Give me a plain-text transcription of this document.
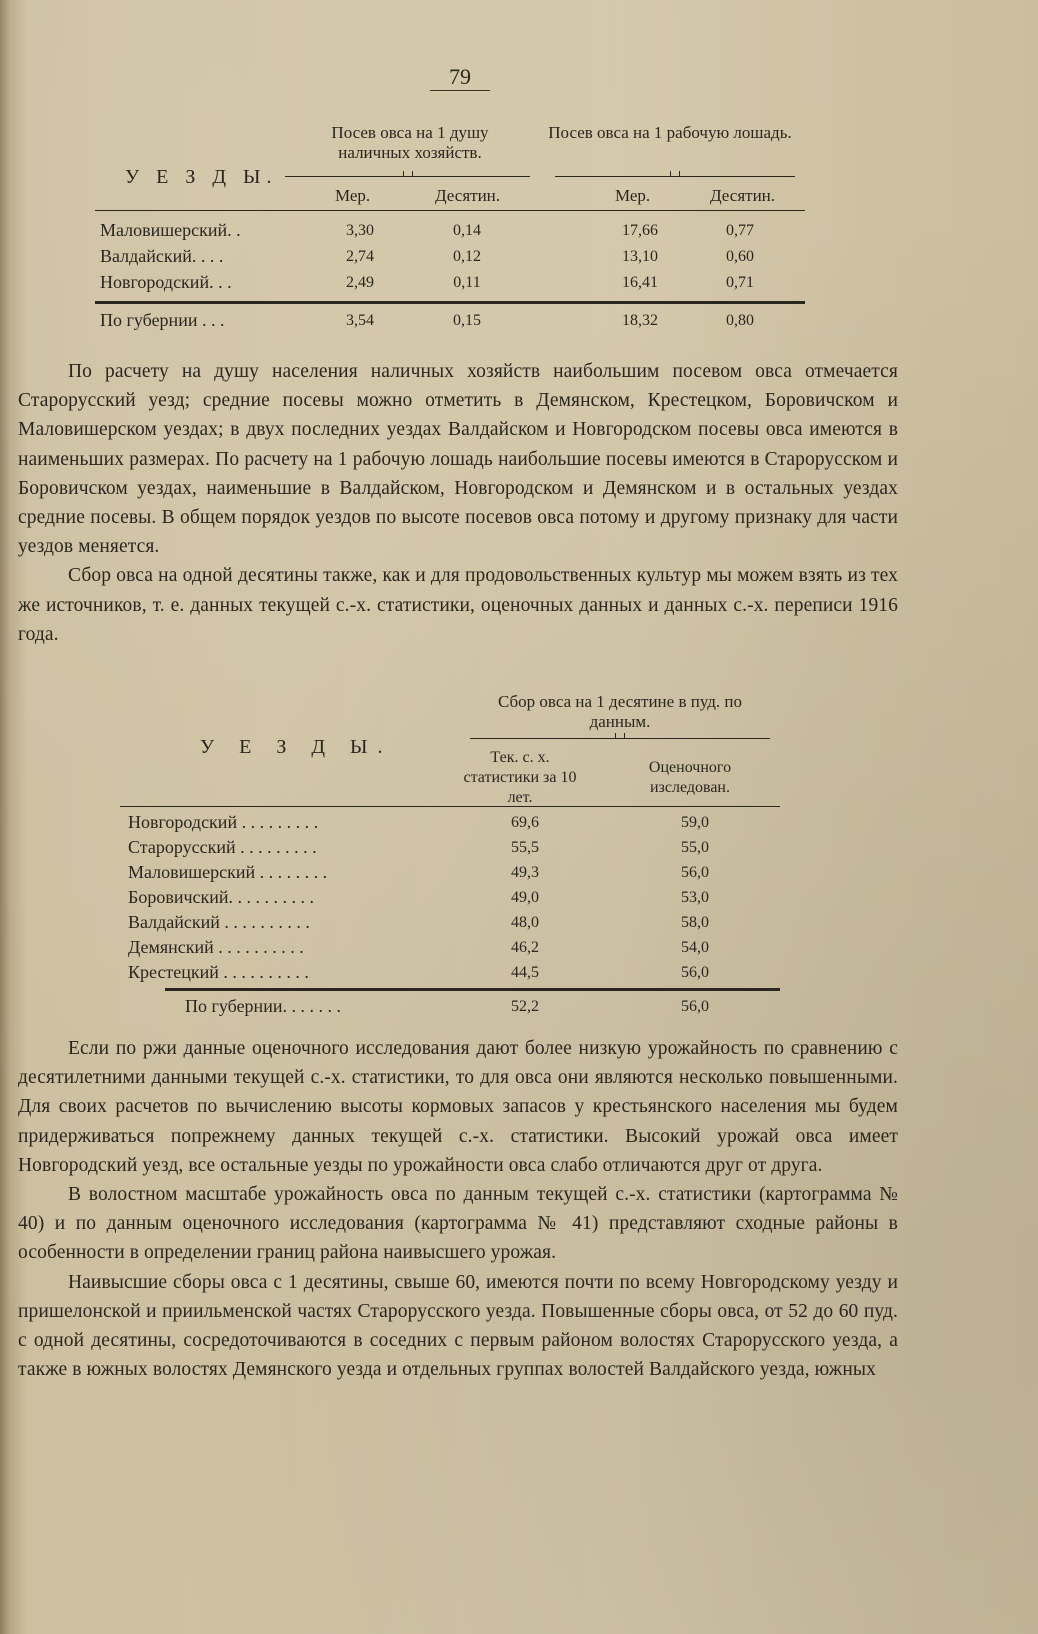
79
У Е З Д Ы.
Посев овса на 1 душу наличных хозяйств.
Посев овса на 1 рабочую лошадь.
Мер.	Десятин.	Мер.	Десятин.
Маловишерский. .	3,30	0,14	17,66	0,77
Валдайский. . . .	2,74	0,12	13,10	0,60
Новгородский. . .	2,49	0,11	16,41	0,71
По губернии . . .	3,54	0,15	18,32	0,80

По расчету на душу населения наличных хозяйств наибольшим посевом овса отмечается Старорусский уезд; средние посевы можно отметить в Демянском, Крестецком, Боровичском и Маловишерском уездах; в двух последних уездах Валдайском и Новгородском посевы овса имеются в наименьших размерах. По расчету на 1 рабочую лошадь наибольшие посевы имеются в Старорусском и Боровичском уездах, наименьшие в Валдайском, Новгородском и Демянском и в остальных уездах средние посевы. В общем порядок уездов по высоте посевов овса потому и другому признаку для части уездов меняется.

Сбор овса на одной десятины также, как и для продовольственных культур мы можем взять из тех же источников, т. е. данных текущей с.-х. статистики, оценочных данных и данных с.-х. переписи 1916 года.

У Е З Д Ы.
Сбор овса на 1 десятине в пуд. по данным.
Тек. с. х. статистики за 10 лет.
Оценочного изследован.
Новгородский . . . . . . . . .	69,6	59,0
Старорусский . . . . . . . . .	55,5	55,0
Маловишерский . . . . . . . .	49,3	56,0
Боровичский. . . . . . . . . .	49,0	53,0
Валдайский . . . . . . . . . .	48,0	58,0
Демянский . . . . . . . . . .	46,2	54,0
Крестецкий . . . . . . . . . .	44,5	56,0
По губернии. . . . . . .	52,2	56,0

Если по ржи данные оценочного исследования дают более низкую урожайность по сравнению с десятилетними данными текущей с.-х. статистики, то для овса они являются несколько повышенными. Для своих расчетов по вычислению высоты кормовых запасов у крестьянского населения мы будем придерживаться попрежнему данных текущей с.-х. статистики. Высокий урожай овса имеет Новгородский уезд, все остальные уезды по урожайности овса слабо отличаются друг от друга.

В волостном масштабе урожайность овса по данным текущей с.-х. статистики (картограмма № 40) и по данным оценочного исследования (картограмма № 41) представляют сходные районы в особенности в определении границ района наивысшего урожая.

Наивысшие сборы овса с 1 десятины, свыше 60, имеются почти по всему Новгородскому уезду и пришелонской и приильменской частях Старорусского уезда. Повышенные сборы овса, от 52 до 60 пуд. с одной десятины, сосредоточиваются в соседних с первым районом волостях Старорусского уезда, а также в южных волостях Демянского уезда и отдельных группах волостей Валдайского уезда, южных
